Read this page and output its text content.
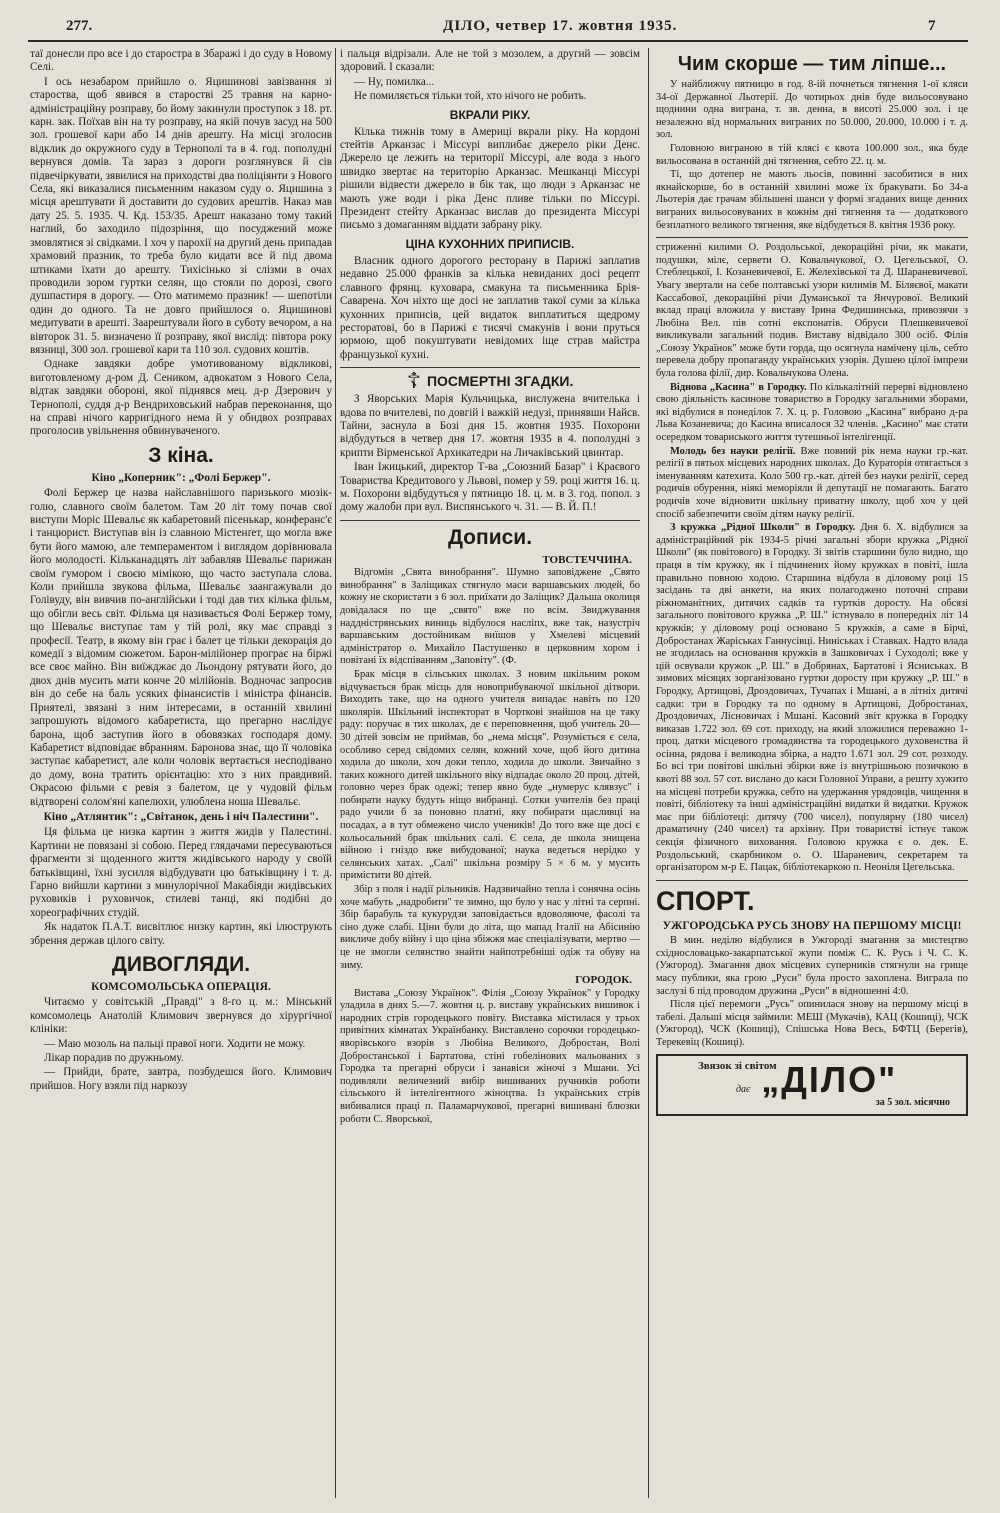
277.	ДІЛО, четвер 17. жовтня 1935.	7

таї донесли про все і до старостра в Збаражі і до суду в Новому Селі.

І ось незабаром прийшло о. Яцишинові завізвання зі староства, щоб явився в старостві 25 травня на карно-адміністраційну розправу, бо йому закинули проступок з 18. рт. карн. зак. Поїхав він на ту розправу, на якій почув засуд на 500 зол. грошевої кари або 14 днів арешту. На місці зголосив відклик до окружного суду в Тернополі та в 4. год. пополудні вернувся домів. Та зараз з дороги розглянувся й сів підвечіркувати, зявилися на приходстві два поліціянти з Нового Села, які виказалися письменним наказом суду о. Яцишина з місця арештувати й доставити до судових арештів. Наказ мав дату 25. 5. 1935. Ч. Кд. 153/35. Арешт наказано тому такий наглий, бо заходило підозріння, що посуджений може змовлятися зі свідками. І хоч у парохії на другий день припадав храмовий празник, то треба було кидати все й під двома штиками їхати до арешту. Тихісінько зі слізми в очах проводили зором гуртки селян, що стояли по дорозі, свого душпастиря в дорогу. — Ото матимемо празник! — шепотіли один до одного. Та не довго прийшлося о. Яцишинові медитувати в арешті. Заарештували його в суботу вечором, а на вівторок 31. 5. визначено її розправу, якої вислід: півтора року вязниці, 300 зол. грошевої кари та 110 зол. судових коштів.

Однаке завдяки добре умотивованому відкликові, виготовленому д-ром Д. Сеником, адвокатом з Нового Села, відтак завдяки обороні, якої піднявся мец. д-р Дзерович у Тернополі, суддя д-р Вендриховський набрав переконання, що на справі нічого карригідного нема й у обидвох розправах проголосив увільнення обвинуваченого.

З кіна.
Кіно „Коперник": „Фолі Бержер".

Фолі Бержер це назва найславнішого паризького мюзік-голю, славного своїм балетом. Там 20 літ тому почав свої виступи Моріс Шевальє як кабаретовий пісенькар, конферанс'є і танцюрист. Виступав він із славною Містенґет, що могла вже бути його мамою, але темпераментом і виглядом дорівнювала його молодості. Кільканадцять літ забавляв Шевальє парижан своїм гумором і своєю мімікою, що часто заступала слова. Коли прийшла звукова фільма, Шевальє заангажували до Голівуду, він вивчив по-англійськи і тоді дав тих кілька фільм, що обігли весь світ. Фільма ця називається Фолі Бержер тому, що Шевальє виступає там у тій ролі, яку має справді з професії. Театр, в якому він грає і балет це тільки декорація до комедії з відомим сюжетом. Барон-мілійонер програє на біржі все своє майно. Він виїжджає до Льондону рятувати його, до двох днів мусить мати конче 20 мілійонів. Водночас запросив він до себе на баль усяких фінансистів і міністра фінансів. Приятелі, звязані з ним інтересами, в останній хвилині запрошують відомого кабаретиста, що прегарно наслідує барона, щоб заступив його в обовязках господаря дому. Кабаретист відповідає вбранням. Баронова знає, що її чоловіка заступає кабаретист, але коли чоловік вертається несподівано до дому, вона тратить орієнтацію: хто з них правдивий. Окрасою фільми є ревія з балетом, це у чудовій фільм відтворені солом'яні капелюхи, улюблена ноша Шевальє.

Кіно „Атлянтик": „Світанок, день і ніч Палестини".

Ця фільма це низка картин з життя жидів у Палестині. Картини не повязані зі собою. Перед глядачами пересуваються фрагменти зі щоденного життя жидівського народу у своїй батьківщині, їхні зусилля відбудувати цю батьківщину і т. д. Гарно вийшли картини з минулорічної Макабіяди жидівських руховиків і руховичок, стилеві танці, які подібні до хореографічних студій.

Як надаток П.А.Т. висвітлює низку картин, які ілюструють збрення держав цілого світу.

ДИВОГЛЯДИ.
КОМСОМОЛЬСЬКА ОПЕРАЦІЯ.

Читаємо у совітській „Правді" з 8-го ц. м.: Мінський комсомолець Анатолій Климович звернувся до хірургічної клініки:

— Маю мозоль на пальці правої ноги. Ходити не можу.

Лікар порадив по дружньому.

— Прийди, брате, завтра, позбудешся його. Климович прийшов. Ногу взяли під наркозу

і пальця відрізали. Але не той з мозолем, а другий — зовсім здоровий. І сказали:

— Ну, помилка...

Не помиляється тільки той, хто нічого не робить.

ВКРАЛИ РІКУ.

Кілька тижнів тому в Америці вкрали ріку. На кордоні стейтів Арканзас і Міссурі виплибає джерело ріки Денс. Джерело це лежить на території Міссурі, але вода з нього швидко звертає на територію Арканзас. Мешканці Міссурі рішили відвести джерело в бік так, що люди з Арканзас не мають уже води і ріка Денс пливе тільки по Міссурі. Президент стейту Арканзас вислав до президента Міссурі письмо з домаганням віддати забрану ріку.

ЦІНА КУХОННИХ ПРИПИСІВ.

Власник одного дорогого ресторану в Парижі заплатив недавно 25.000 франків за кілька невиданих досі рецепт славного фрянц. куховарa, смакуна та письменника Брія-Саварена. Хоч ніхто ще досі не заплатив такої суми за кілька кухонних приписів, цей видаток виплатиться щедрому ресторатові, бо в Парижі є тисячі смакунів і вони пруться юрмою, щоб покуштувати невідомих іще страв майстра французької кухні.

☦ ПОСМЕРТНІ ЗГАДКИ.

З Яворських Марія Кульчицька, вислужена вчителька і вдова по вчителеві, по довгій і важкій недузі, принявши Найсв. Тайни, заснула в Бозі дня 15. жовтня 1935. Похорони відбудуться в четвер дня 17. жовтня 1935 в 4. пополудні з крипти Вірменської Архикатедри на Личаківський цвинтар.

Іван Іжицький, директор Т-ва „Союзний Базар" і Краєвого Товариства Кредитового у Львові, помер у 59. році життя 16. ц. м. Похорони відбудуться у пятницю 18. ц. м. в 3. год. попол. з дому жалоби при вул. Виспянського ч. 31. — В. Й. П.!

Дописи.
ТОВСТЕЧЧИНА.

Відгомін „Свята винобрання". Шумно заповіджене „Свято винобрання" в Заліщиках стягнуло маси варшавських людей, бо кожну не скористати з 6 зол. приїхати до Заліщик? Дальша околиця довідалася по ще „свято" вже по всім. Звиджування наддністрянських виниць відбулося насліпх, вже так, назустріч варшавським достойникам виїшов у Хмелеві місцевий адміністратор о. Михайло Пастушенко в церковним хором і повітані їх відспіванням „Заповіту". (Ф.

Брак місця в сільських школах. З новим шкільним роком відчувається брак місць для новоприбуваючої шкільної дітвори. Виходить таке, що на одного учителя випадає навіть по 120 школярів. Шкільний інспекторат в Чорткові знайшов на це таку раду: поручає в тих школах, де є переповнення, щоб учитель 20—30 дітей зовсім не приймав, бо „нема місця". Розуміється є села, особливо серед свідомих селян, кожний хоче, щоб його дитина ходила до школи, хоч доки тепло, ходила до школи. Звичайно з таких кожного дитей шкільного віку відпадає около 20 проц. дітей, головно через брак одежі; тепер явно буде „нумерус клявзус" і побирати науку будуть ніщо вибранці. Сотки учителів без праці радо учили б за поновно платні, яку побирати щасливці на посадах, а в тут обмежено число учеників! До того вже ще досі є кольосальний брак шкільних салі. Є села, де школа знищена війною і гніздо вже вибудованої; наука ведеться нерідко у селянських хатах. „Салі" шкільна розміру 5 × 6 м. у мусить примістити 80 дітей.

Збір з поля і надії рільників. Надзвичайно тепла і сонячна осінь хоче мабуть „надробити" те зимно, що було у нас у літні та серпні. Збір барабуль та кукурудзи заповідається вдоволяюче, фасолі та сіно дуже слабі. Ціни були до літа, що мапад Італії на Абісинію викличе добу війну і що ціна збіжжя має спеціалізувати, мертво — це не змогли селянство знайти найпотребніші одіж та обуву на зиму.

ГОРОДОК.

Вистава „Союзу Українок". Філія „Союзу Українок" у Городку уладила в днях 5.—7. жовтня ц. р. виставу українських вишивок і народних стрів городецького повіту. Виставка містилася у трьох привітних кімнатах Українбанку. Виставлено сорочки городецько-яворівського взорів з Любіна Великого, Добростан, Волі Добростанської і Бартатова, стіні гобелінових мальованих з Городка та прегарні обруси і занавіси жіночі з Мшани. Усі подивляли величезний вибір вишиваних ручників роботи сільського й інтелігентного жіноцтва. Із українських стрів вибивалися праці п. Паламарчукової, прегарні вишивані блюзки роботи С. Яворської,

Чим скорше — тим ліпше...

У найближчу пятницю в год. 8-ій почнеться тягнення 1-ої кляси 34-ої Державної Льотерії. До чотирьох днів буде вильосовувано щоднини одна виграна, т. зв. денна, в висоті 25.000 зол. і це незалежно від нормальних виграних по 50.000, 20.000, 10.000 і т. д. зол.

Головною виграною в тій клясі є квота 100.000 зол., яка буде вильосована в останній дні тягнення, себто 22. ц. м.

Ті, що дотепер не мають льосів, повинні засобитися в них якнайскорше, бо в останній хвилині може їх бракувати. Бо 34-а Льотерія дає грачам збільшені шанси у формі згаданих вище денних виграних вильосовуваних в кожнім дні тягнення та — додаткового безплатного великого тягнення, яке відбудеться 8. квітня 1936 року.

стриженні килими О. Роздольської, декораційні річи, як макати, подушки, мілє, сервети О. Ковальчукової, О. Цегельської, О. Стеблецької, І. Козаневичевої, Е. Желехівської та Д. Шараневичевої. Увагу звертали на себе полтавські узори килимів М. Біляєвої, макати Кассабової, декораційні річи Думанської та Янчурової. Великий вклад праці вложила у виставу Ірина Федишинська, привозячи з Любіна Вел. пів сотні експонатів. Обруси Плешкевичевої викликували загальний подив. Виставу відвідало 300 осіб. Філія „Союзу Українок" може бути горда, що осягнула намічену ціль, себто перевела добру пропаганду українських узорів. Душею цілої імпрези була голова філії, дир. Ковальчукова Олена.

Віднова „Касина" в Городку. По кількалітній перерві відновлено свою діяльність касинове товариство в Городку загальними зборами, які відбулися в понеділок 7. Х. ц. р. Головою „Касина" вибрано д-ра Льва Козаневича; до Касина вписалося 32 членів. „Касино" має стати осередком товариського життя тутешньої інтелігенції.

Молодь без науки релігії. Вже повний рік нема науки гр.-кат. релігії в пятьох місцевих народних школах. До Кураторія отягається з іменуванням катехита. Коло 500 гр.-кат. дітей без науки релігії, серед родичів обурення, ніякі меморіяли й депутації не помагають. Багато родичів хоче відновити шкільну приватну школу, щоб хоч у цей спосіб забезпечити своїм дітям науку релігії.

З кружка „Рідної Школи" в Городку. Дня 6. Х. відбулися за адміністраційний рік 1934-5 річні загальні збори кружка „Рідної Школи" (як повітового) в Городку. Зі звітів старшини було видно, що праця в тім кружку, як і підчинених йому кружках в повіті, ішла правильно повною ходою. Старшина відбула в діловому році 15 засідань та дві анкети, на яких полагоджено поточні справи ріжноманітних, дитячих садків та гуртків доросту. На обсязі загального повітового кружка „Р. Ш." істнувало в попередніх літ 14 кружків; у діловому році основано 5 кружків, а саме в Бірчі, Добростанах Жаріськах Ганнусівці. Ниніськах і Ставках. Надто влада не згодилась на основання кружків в Зашковичах і Суходолі; вже у цій освували кружок „Р. Ш." в Добрянах, Бартатові і Ясниськах. В зимових місяцях зорганізовано гуртки доросту при кружку „Р. Ш." в Городку, Артищові, Дроздовичах, Тучапах і Мшані, а в літніх дитячі садки: три в Городку та по одному в Артищові, Добростанах, Дроздовичах, Лісновичах і Мшані. Касовий звіт кружка в Городку виказав 1.722 зол. 69 сот. приходу, на який зложилися переважно 1-проц. датки місцевого громадянства та городецького духовенства й осінна, рядова і великодна збірка, а надто 1.671 зол. 29 сот. розходу. Бо всі три повітові шкільні збірки вже із внутрішньою позичкою в квоті 88 зол. 57 сот. вислано до каси Головної Управи, а решту хужито на місцеві потреби кружка, себто на удержання урядовців, чищення в повіті, бібліотеку та інші адміністраційні видатки й видатки. Кружок має при бібліотеці: дитячу (700 чисел), популярну (180 чисел) драматичну (240 чисел) та архівну. При товаристві істнує також секція фізичного виховання. Головою кружка є о. дек. Е. Роздольський, скарбником о. О. Шараневич, секретарем та організатором м-р Е. Пацак, бібліотекаркою п. Неоніля Цегельська.

СПОРТ.
УЖГОРОДСЬКА РУСЬ ЗНОВУ НА ПЕРШОМУ МІСЦІ!

В мин. неділю відбулися в Ужгороді змагання за мистецтво східнословацько-закарпатської жупи поміж С. К. Русь і Ч. С. К. (Ужгород). Змагання двох місцевих суперників стягнули на грище масу публики, яка грою „Руси" була просто захоплена. Виграла по заслузі 6 під проводом дружина „Руси" в відношенні 4:0.

Після цієї перемоги „Русь" опинилася знову на першому місці в табелі. Дальші місця займили: МЕШ (Мукачів), КАЦ (Кошиці), ЧСК (Ужгород), ЧСК (Кошиці), Спішська Нова Весь, БФТЦ (Берегів), Терекевіц (Кошиці).

Звязок зі світом
дає „ДІЛО"
за 5 зол. місячно
